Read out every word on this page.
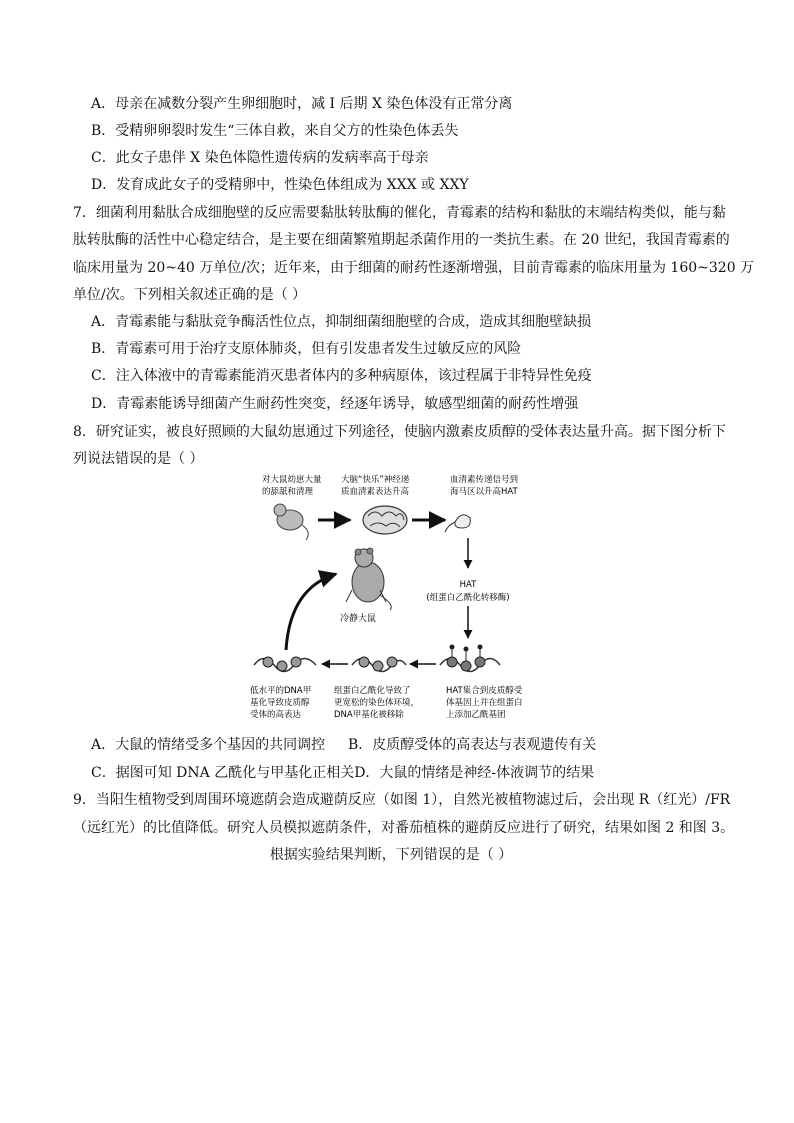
A．母亲在减数分裂产生卵细胞时，减 I 后期 X 染色体没有正常分离
B．受精卵卵裂时发生“三体自救，来自父方的性染色体丢失
C．此女子患伴 X 染色体隐性遗传病的发病率高于母亲
D．发育成此女子的受精卵中，性染色体组成为 XXX 或 XXY
7．细菌利用黏肽合成细胞壁的反应需要黏肽转肽酶的催化，青霉素的结构和黏肽的末端结构类似，能与黏
肽转肽酶的活性中心稳定结合，是主要在细菌繁殖期起杀菌作用的一类抗生素。在 20 世纪，我国青霉素的
临床用量为 20~40 万单位/次；近年来，由于细菌的耐药性逐渐增强，目前青霉素的临床用量为 160~320 万
单位/次。下列相关叙述正确的是（ ）
A．青霉素能与黏肽竞争酶活性位点，抑制细菌细胞壁的合成，造成其细胞壁缺损
B．青霉素可用于治疗支原体肺炎，但有引发患者发生过敏反应的风险
C．注入体液中的青霉素能消灭患者体内的多种病原体，该过程属于非特异性免疫
D．青霉素能诱导细菌产生耐药性突变，经逐年诱导，敏感型细菌的耐药性增强
8．研究证实，被良好照顾的大鼠幼崽通过下列途径，使脑内激素皮质醇的受体表达量升高。据下图分析下
列说法错误的是（ ）
对大鼠幼崽大量
的舔舐和清理
大脑“快乐”神经递
质血清素表达升高
血清素传递信号到
海马区以升高HAT
HAT
(组蛋白乙酰化转移酶)
冷静大鼠
HAT集合到皮质醇受
体基因上并在组蛋白
上添加乙酰基团
组蛋白乙酰化导致了
更宽松的染色体环境，
DNA甲基化被移除
低水平的DNA甲
基化导致皮质醇
受体的高表达
A．大鼠的情绪受多个基因的共同调控 B．皮质醇受体的高表达与表观遗传有关
C．据图可知 DNA 乙酰化与甲基化正相关D．大鼠的情绪是神经-体液调节的结果
9．当阳生植物受到周围环境遮荫会造成避荫反应（如图 1），自然光被植物滤过后，会出现 R（红光）/FR
（远红光）的比值降低。研究人员模拟遮荫条件，对番茄植株的避荫反应进行了研究，结果如图 2 和图 3。
根据实验结果判断，下列错误的是（ ）
